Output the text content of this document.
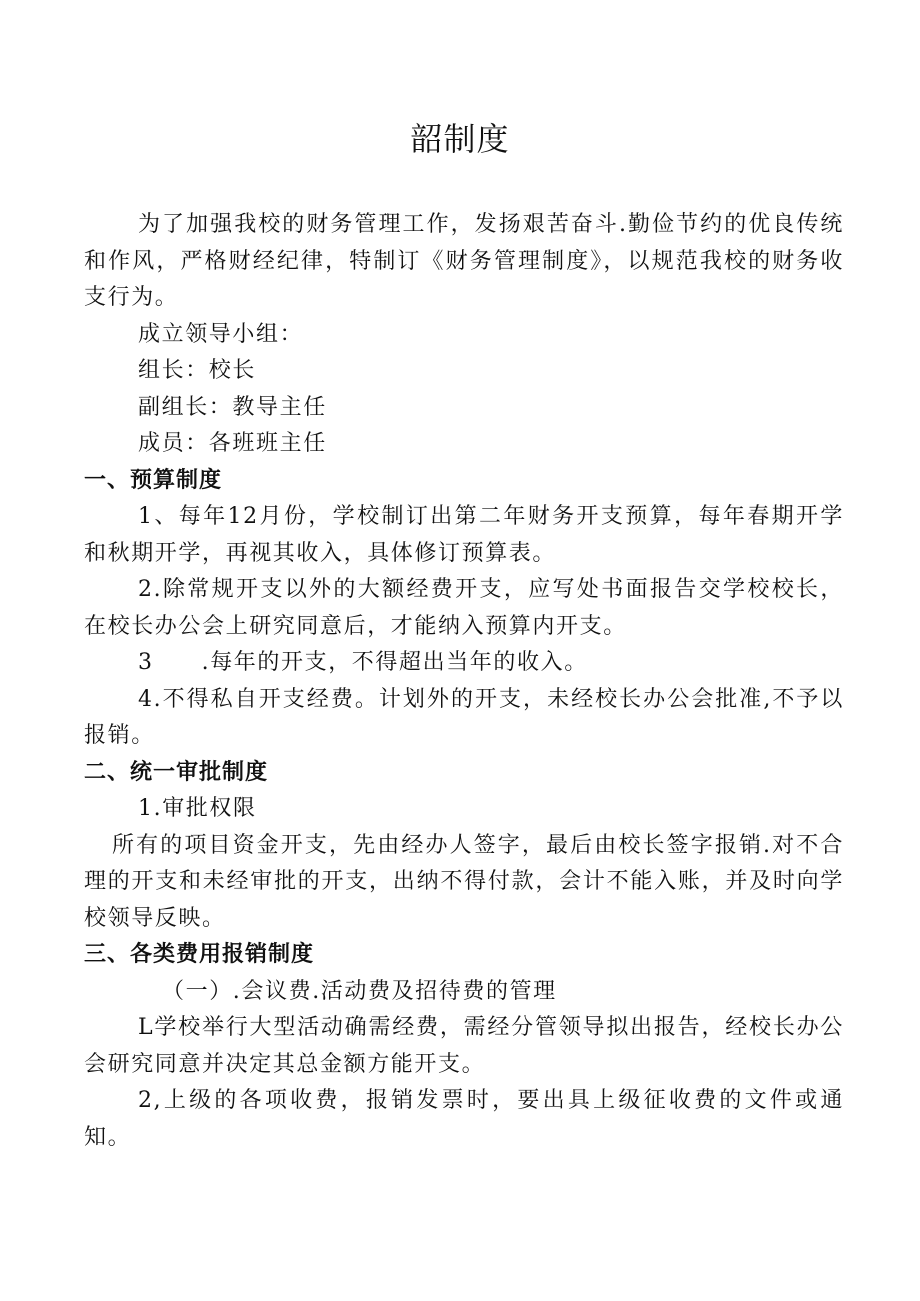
韶制度

为了加强我校的财务管理工作，发扬艰苦奋斗.勤俭节约的优良传统和作风，严格财经纪律，特制订《财务管理制度》，以规范我校的财务收支行为。

成立领导小组：

组长：校长

副组长：教导主任

成员：各班班主任

一、预算制度

1、每年12月份，学校制订出第二年财务开支预算，每年春期开学和秋期开学，再视其收入，具体修订预算表。

2.除常规开支以外的大额经费开支，应写处书面报告交学校校长，在校长办公会上研究同意后，才能纳入预算内开支。

3 .每年的开支，不得超出当年的收入。

4.不得私自开支经费。计划外的开支，未经校长办公会批准,不予以报销。

二、统一审批制度

1.审批权限

所有的项目资金开支，先由经办人签字，最后由校长签字报销.对不合理的开支和未经审批的开支，出纳不得付款，会计不能入账，并及时向学校领导反映。

三、各类费用报销制度

（一）.会议费.活动费及招待费的管理

L学校举行大型活动确需经费，需经分管领导拟出报告，经校长办公会研究同意并决定其总金额方能开支。

2,上级的各项收费，报销发票时，要出具上级征收费的文件或通知。
